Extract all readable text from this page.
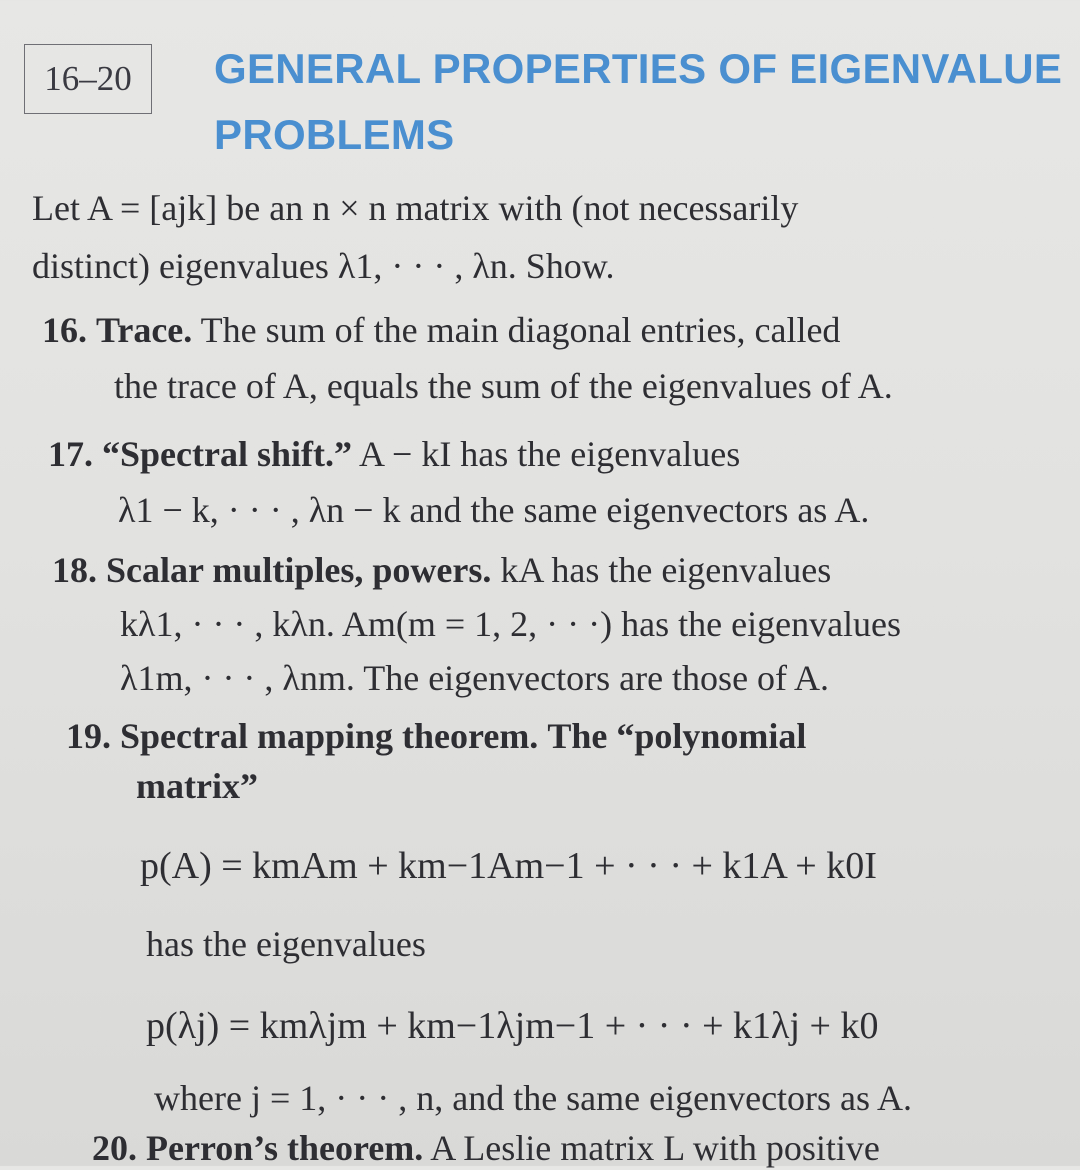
16–20 GENERAL PROPERTIES OF EIGENVALUE
PROBLEMS
Let A = [ajk] be an n × n matrix with (not necessarily
distinct) eigenvalues λ1, · · · , λn. Show.
16. Trace. The sum of the main diagonal entries, called
the trace of A, equals the sum of the eigenvalues of A.
17. “Spectral shift.” A − kI has the eigenvalues
λ1 − k, · · · , λn − k and the same eigenvectors as A.
18. Scalar multiples, powers. kA has the eigenvalues
kλ1, · · · , kλn. Am(m = 1, 2, · · ·) has the eigenvalues
λ1m, · · · , λnm. The eigenvectors are those of A.
19. Spectral mapping theorem. The “polynomial
matrix”
p(A) = kmAm + km−1Am−1 + · · · + k1A + k0I
has the eigenvalues
p(λj) = kmλjm + km−1λjm−1 + · · · + k1λj + k0
where j = 1, · · · , n, and the same eigenvectors as A.
20. Perron’s theorem. A Leslie matrix L with positive
